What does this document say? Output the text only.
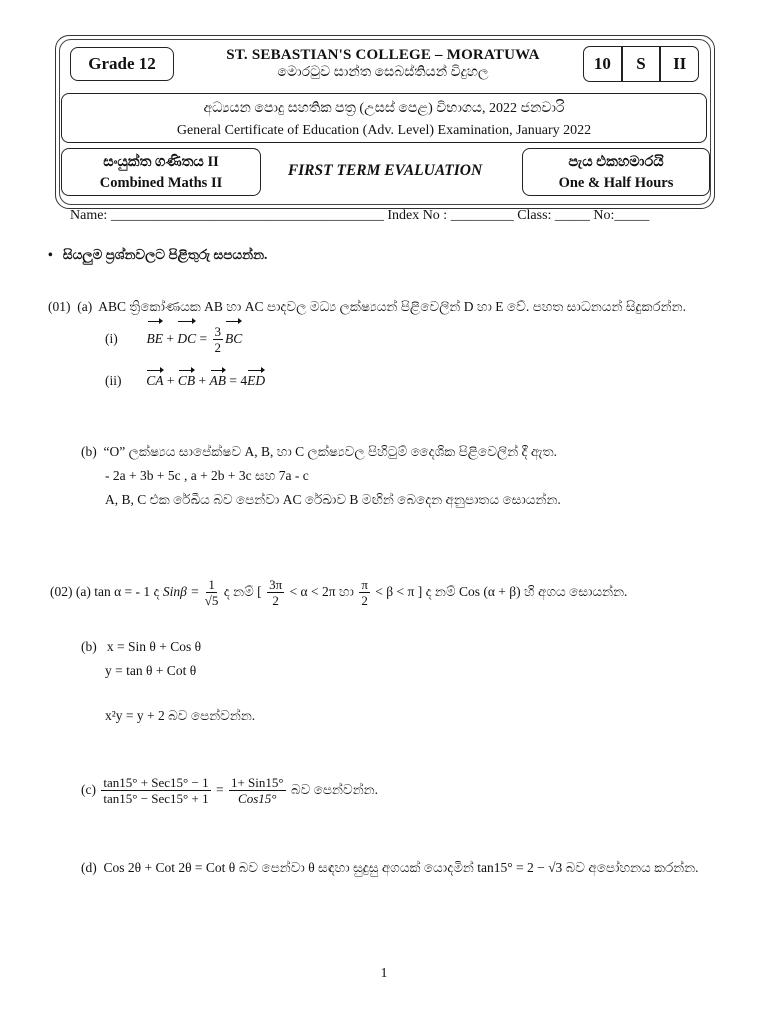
Grade 12	ST. SEBASTIAN'S COLLEGE – MORATUWA
මොරටුව සාන්ත සෙබස්තියන් විදුහල	10	S	II
අධ්‍යයන පොදු සහතික පත්‍ර (උසස් පෙළ) විභාගය, 2022 ජනවාරි
General Certificate of Education (Adv. Level) Examination, January 2022
සංයුක්ත ගණිතය II
Combined Maths II
FIRST TERM EVALUATION	පැය එකහමාරයි
One & Half Hours
Name: _______________________________________ Index No : _________ Class: _____ No:_____
•   සියලුම ප්‍රශ්නවලට පිළිතුරු සපයන්න.
(01) (a) ABC ත්‍රිකෝණයක AB හා AC පාදවල මධ්‍ය ලක්ෂ්‍යයන් පිළිවෙලින් D හා E වේ. පහත සාධනයන් සිදුකරන්න.
(i) BE + DC = $\frac{3}{2}$ BC
(ii) CA + CB + AB = 4ED
(b) “O” ලක්ෂ්‍යය සාපේක්ෂව A, B, හා C ලක්ෂ්‍යවල පිහිටුම් දෛශික පිළිවෙලින් දී ඇත.
- 2a + 3b + 5c , a + 2b + 3c සහ 7a - c
A, B, C එක රේඛීය බව පෙන්වා AC රේඛාව B මඟින් බෙදෙන අනුපාතය සොයන්න.
(02) (a) tan α = - 1 ද $Sin\beta = \frac{1}{√5}$ ද නම් [ $\frac{3\pi}{2} < \alpha < 2\pi$ හා $\frac{\pi}{2} < \beta < \pi$ ] ද නම් Cos (α + β) හි අගය සොයන්න.
(b) x = Sin θ + Cos θ
y = tan θ + Cot θ
x²y = y + 2 බව පෙන්වන්න.
$(c) \frac{\text{tan15° + Sec15° − 1}}{\text{tan15° − Sec15° + 1}} = \frac{\text{1+ Sin15°}}{\text{Cos15°}}$ බව පෙන්වන්න.
(d) Cos 2θ + Cot 2θ = Cot θ බව පෙන්වා θ සඳහා සුදුසු අගයක් යොදමින් tan15° = 2 − √3 බව අපෝහනය කරන්න.
1
